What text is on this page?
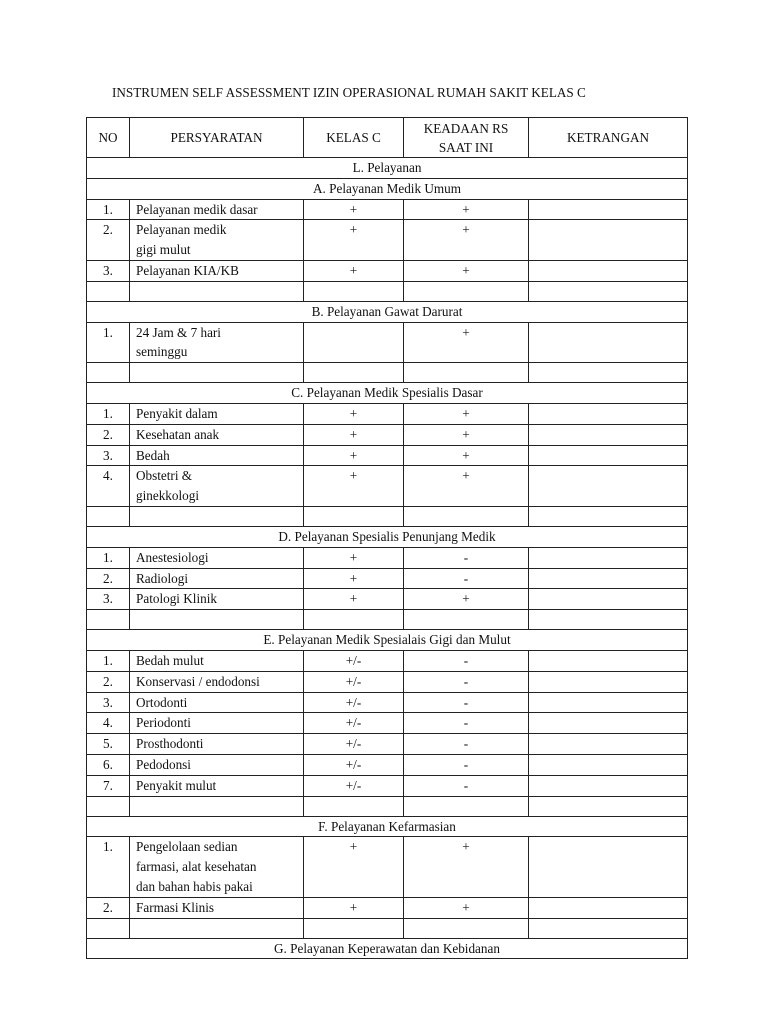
INSTRUMEN SELF ASSESSMENT IZIN OPERASIONAL RUMAH SAKIT KELAS C
NO	PERSYARATAN	KELAS C	KEADAAN RS
SAAT INI	KETRANGAN
L. Pelayanan				
A. Pelayanan Medik Umum				
1.	Pelayanan medik dasar	+	+	
2.	Pelayanan medik
gigi mulut	+	+	
3.	Pelayanan KIA/KB	+	+	

B. Pelayanan Gawat Darurat				
1.	24 Jam & 7 hari
seminggu		+	

C. Pelayanan Medik Spesialis Dasar				
1.	Penyakit dalam	+	+	
2.	Kesehatan anak	+	+	
3.	Bedah	+	+	
4.	Obstetri &
ginekkologi	+	+	

D. Pelayanan Spesialis Penunjang Medik				
1.	Anestesiologi	+	-	
2.	Radiologi	+	-	
3.	Patologi Klinik	+	+	

E. Pelayanan Medik Spesialais Gigi dan Mulut				
1.	Bedah mulut	+/-	-	
2.	Konservasi / endodonsi	+/-	-	
3.	Ortodonti	+/-	-	
4.	Periodonti	+/-	-	
5.	Prosthodonti	+/-	-	
6.	Pedodonsi	+/-	-	
7.	Penyakit mulut	+/-	-	

F. Pelayanan Kefarmasian				
1.	Pengelolaan sedian
farmasi, alat kesehatan
dan bahan habis pakai	+	+	
2.	Farmasi Klinis	+	+	

G. Pelayanan Keperawatan dan Kebidanan				
